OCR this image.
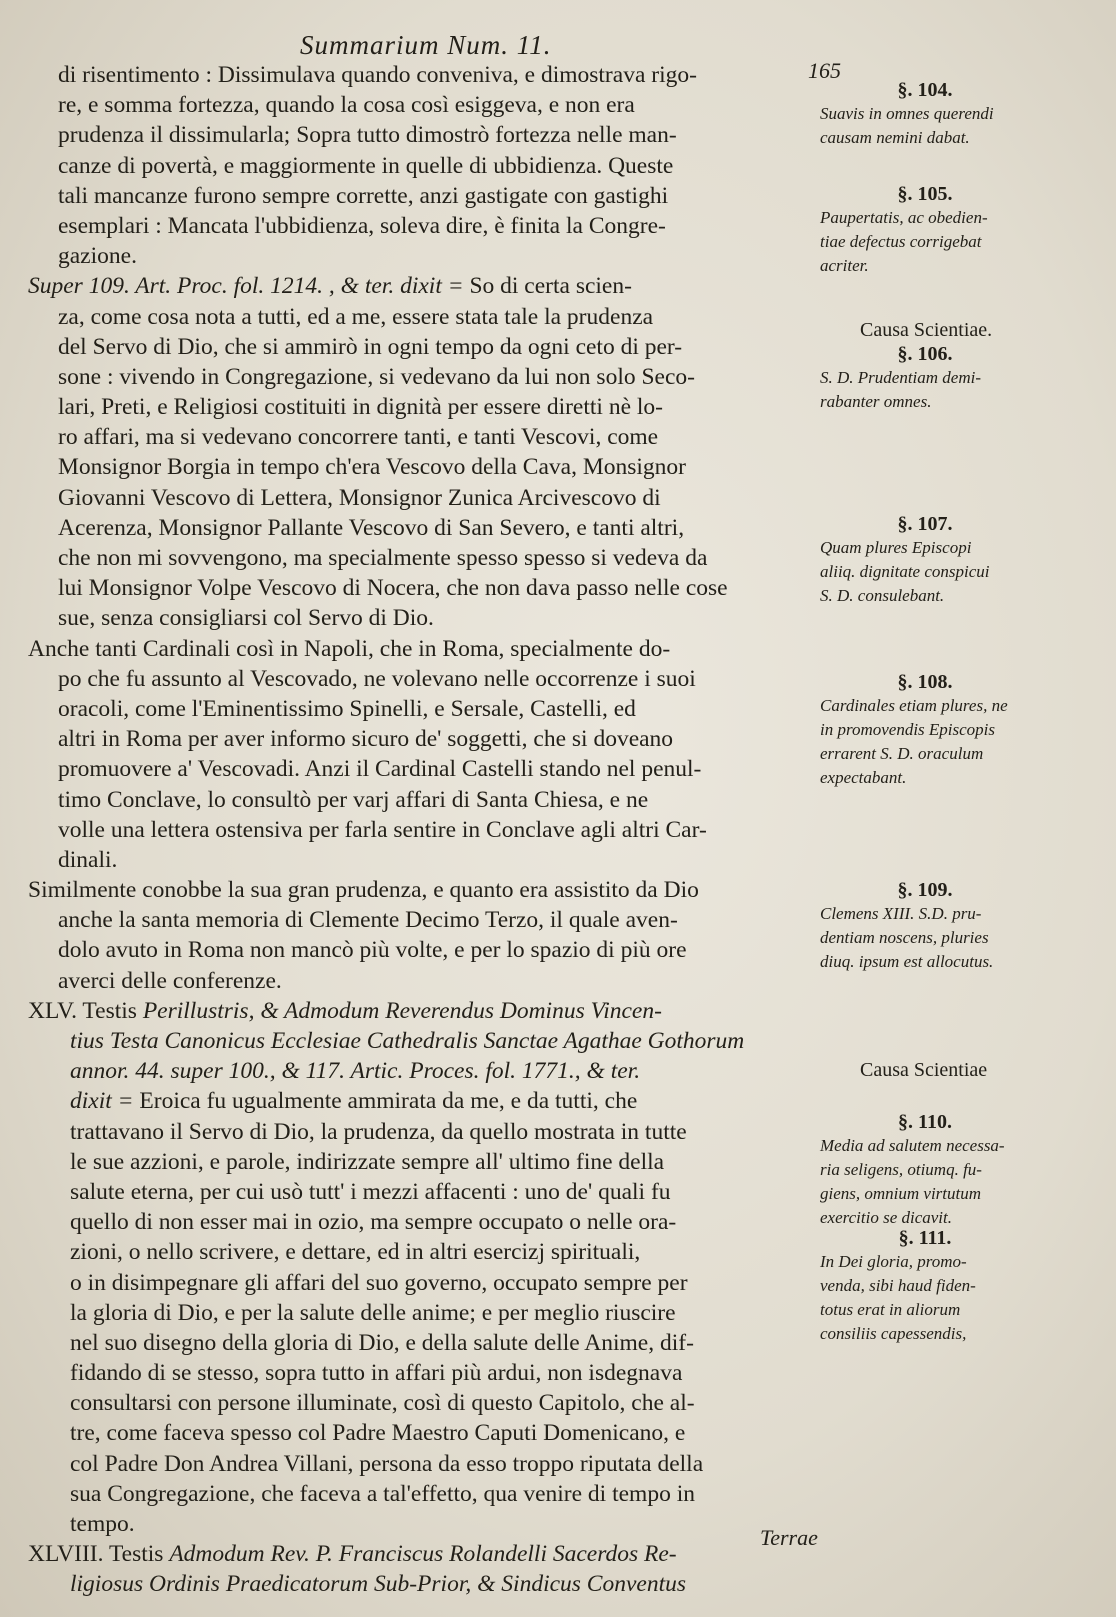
Summarium Num. 11.
165
di risentimento : Dissimulava quando conveniva, e dimostrava rigo-
re, e somma fortezza, quando la cosa così esiggeva, e non era
prudenza il dissimularla; Sopra tutto dimostrò fortezza nelle man-
canze di povertà, e maggiormente in quelle di ubbidienza. Queste
tali mancanze furono sempre corrette, anzi gastigate con gastighi
esemplari : Mancata l'ubbidienza, soleva dire, è finita la Congre-
gazione.
Super 109. Art. Proc. fol. 1214. , & ter. dixit = So di certa scien-
za, come cosa nota a tutti, ed a me, essere stata tale la prudenza
del Servo di Dio, che si ammirò in ogni tempo da ogni ceto di per-
sone : vivendo in Congregazione, si vedevano da lui non solo Seco-
lari, Preti, e Religiosi costituiti in dignità per essere diretti nè lo-
ro affari, ma si vedevano concorrere tanti, e tanti Vescovi, come
Monsignor Borgia in tempo ch'era Vescovo della Cava, Monsignor
Giovanni Vescovo di Lettera, Monsignor Zunica Arcivescovo di
Acerenza, Monsignor Pallante Vescovo di San Severo, e tanti altri,
che non mi sovvengono, ma specialmente spesso spesso si vedeva da
lui Monsignor Volpe Vescovo di Nocera, che non dava passo nelle cose
sue, senza consigliarsi col Servo di Dio.
Anche tanti Cardinali così in Napoli, che in Roma, specialmente do-
po che fu assunto al Vescovado, ne volevano nelle occorrenze i suoi
oracoli, come l'Eminentissimo Spinelli, e Sersale, Castelli, ed
altri in Roma per aver informo sicuro de' soggetti, che si doveano
promuovere a' Vescovadi. Anzi il Cardinal Castelli stando nel penul-
timo Conclave, lo consultò per varj affari di Santa Chiesa, e ne
volle una lettera ostensiva per farla sentire in Conclave agli altri Car-
dinali.
Similmente conobbe la sua gran prudenza, e quanto era assistito da Dio
anche la santa memoria di Clemente Decimo Terzo, il quale aven-
dolo avuto in Roma non mancò più volte, e per lo spazio di più ore
averci delle conferenze.
XLV. Testis Perillustris, & Admodum Reverendus Dominus Vincen-
tius Testa Canonicus Ecclesiae Cathedralis Sanctae Agathae Gothorum
annor. 44. super 100., & 117. Artic. Proces. fol. 1771., & ter.
dixit = Eroica fu ugualmente ammirata da me, e da tutti, che
trattavano il Servo di Dio, la prudenza, da quello mostrata in tutte
le sue azzioni, e parole, indirizzate sempre all' ultimo fine della
salute eterna, per cui usò tutt' i mezzi affacenti : uno de' quali fu
quello di non esser mai in ozio, ma sempre occupato o nelle ora-
zioni, o nello scrivere, e dettare, ed in altri esercizj spirituali,
o in disimpegnare gli affari del suo governo, occupato sempre per
la gloria di Dio, e per la salute delle anime; e per meglio riuscire
nel suo disegno della gloria di Dio, e della salute delle Anime, dif-
fidando di se stesso, sopra tutto in affari più ardui, non isdegnava
consultarsi con persone illuminate, così di questo Capitolo, che al-
tre, come faceva spesso col Padre Maestro Caputi Domenicano, e
col Padre Don Andrea Villani, persona da esso troppo riputata della
sua Congregazione, che faceva a tal'effetto, qua venire di tempo in
tempo.
XLVIII. Testis Admodum Rev. P. Franciscus Rolandelli Sacerdos Re-
ligiosus Ordinis Praedicatorum Sub-Prior, & Sindicus Conventus
§. 104.
Suavis in omnes querendi
causam nemini dabat.
§. 105.
Paupertatis, ac obedien-
tiae defectus corrigebat
acriter.
Causa Scientiae.
§. 106.
S. D. Prudentiam demi-
rabanter omnes.
§. 107.
Quam plures Episcopi
aliiq. dignitate conspicui
S. D. consulebant.
§. 108.
Cardinales etiam plures, ne
in promovendis Episcopis
errarent S. D. oraculum
expectabant.
§. 109.
Clemens XIII. S.D. pru-
dentiam noscens, pluries
diuq. ipsum est allocutus.
Causa Scientiae
§. 110.
Media ad salutem necessa-
ria seligens, otiumq. fu-
giens, omnium virtutum
exercitio se dicavit.
§. 111.
In Dei gloria, promo-
venda, sibi haud fiden-
totus erat in aliorum
consiliis capessendis,
Terrae
